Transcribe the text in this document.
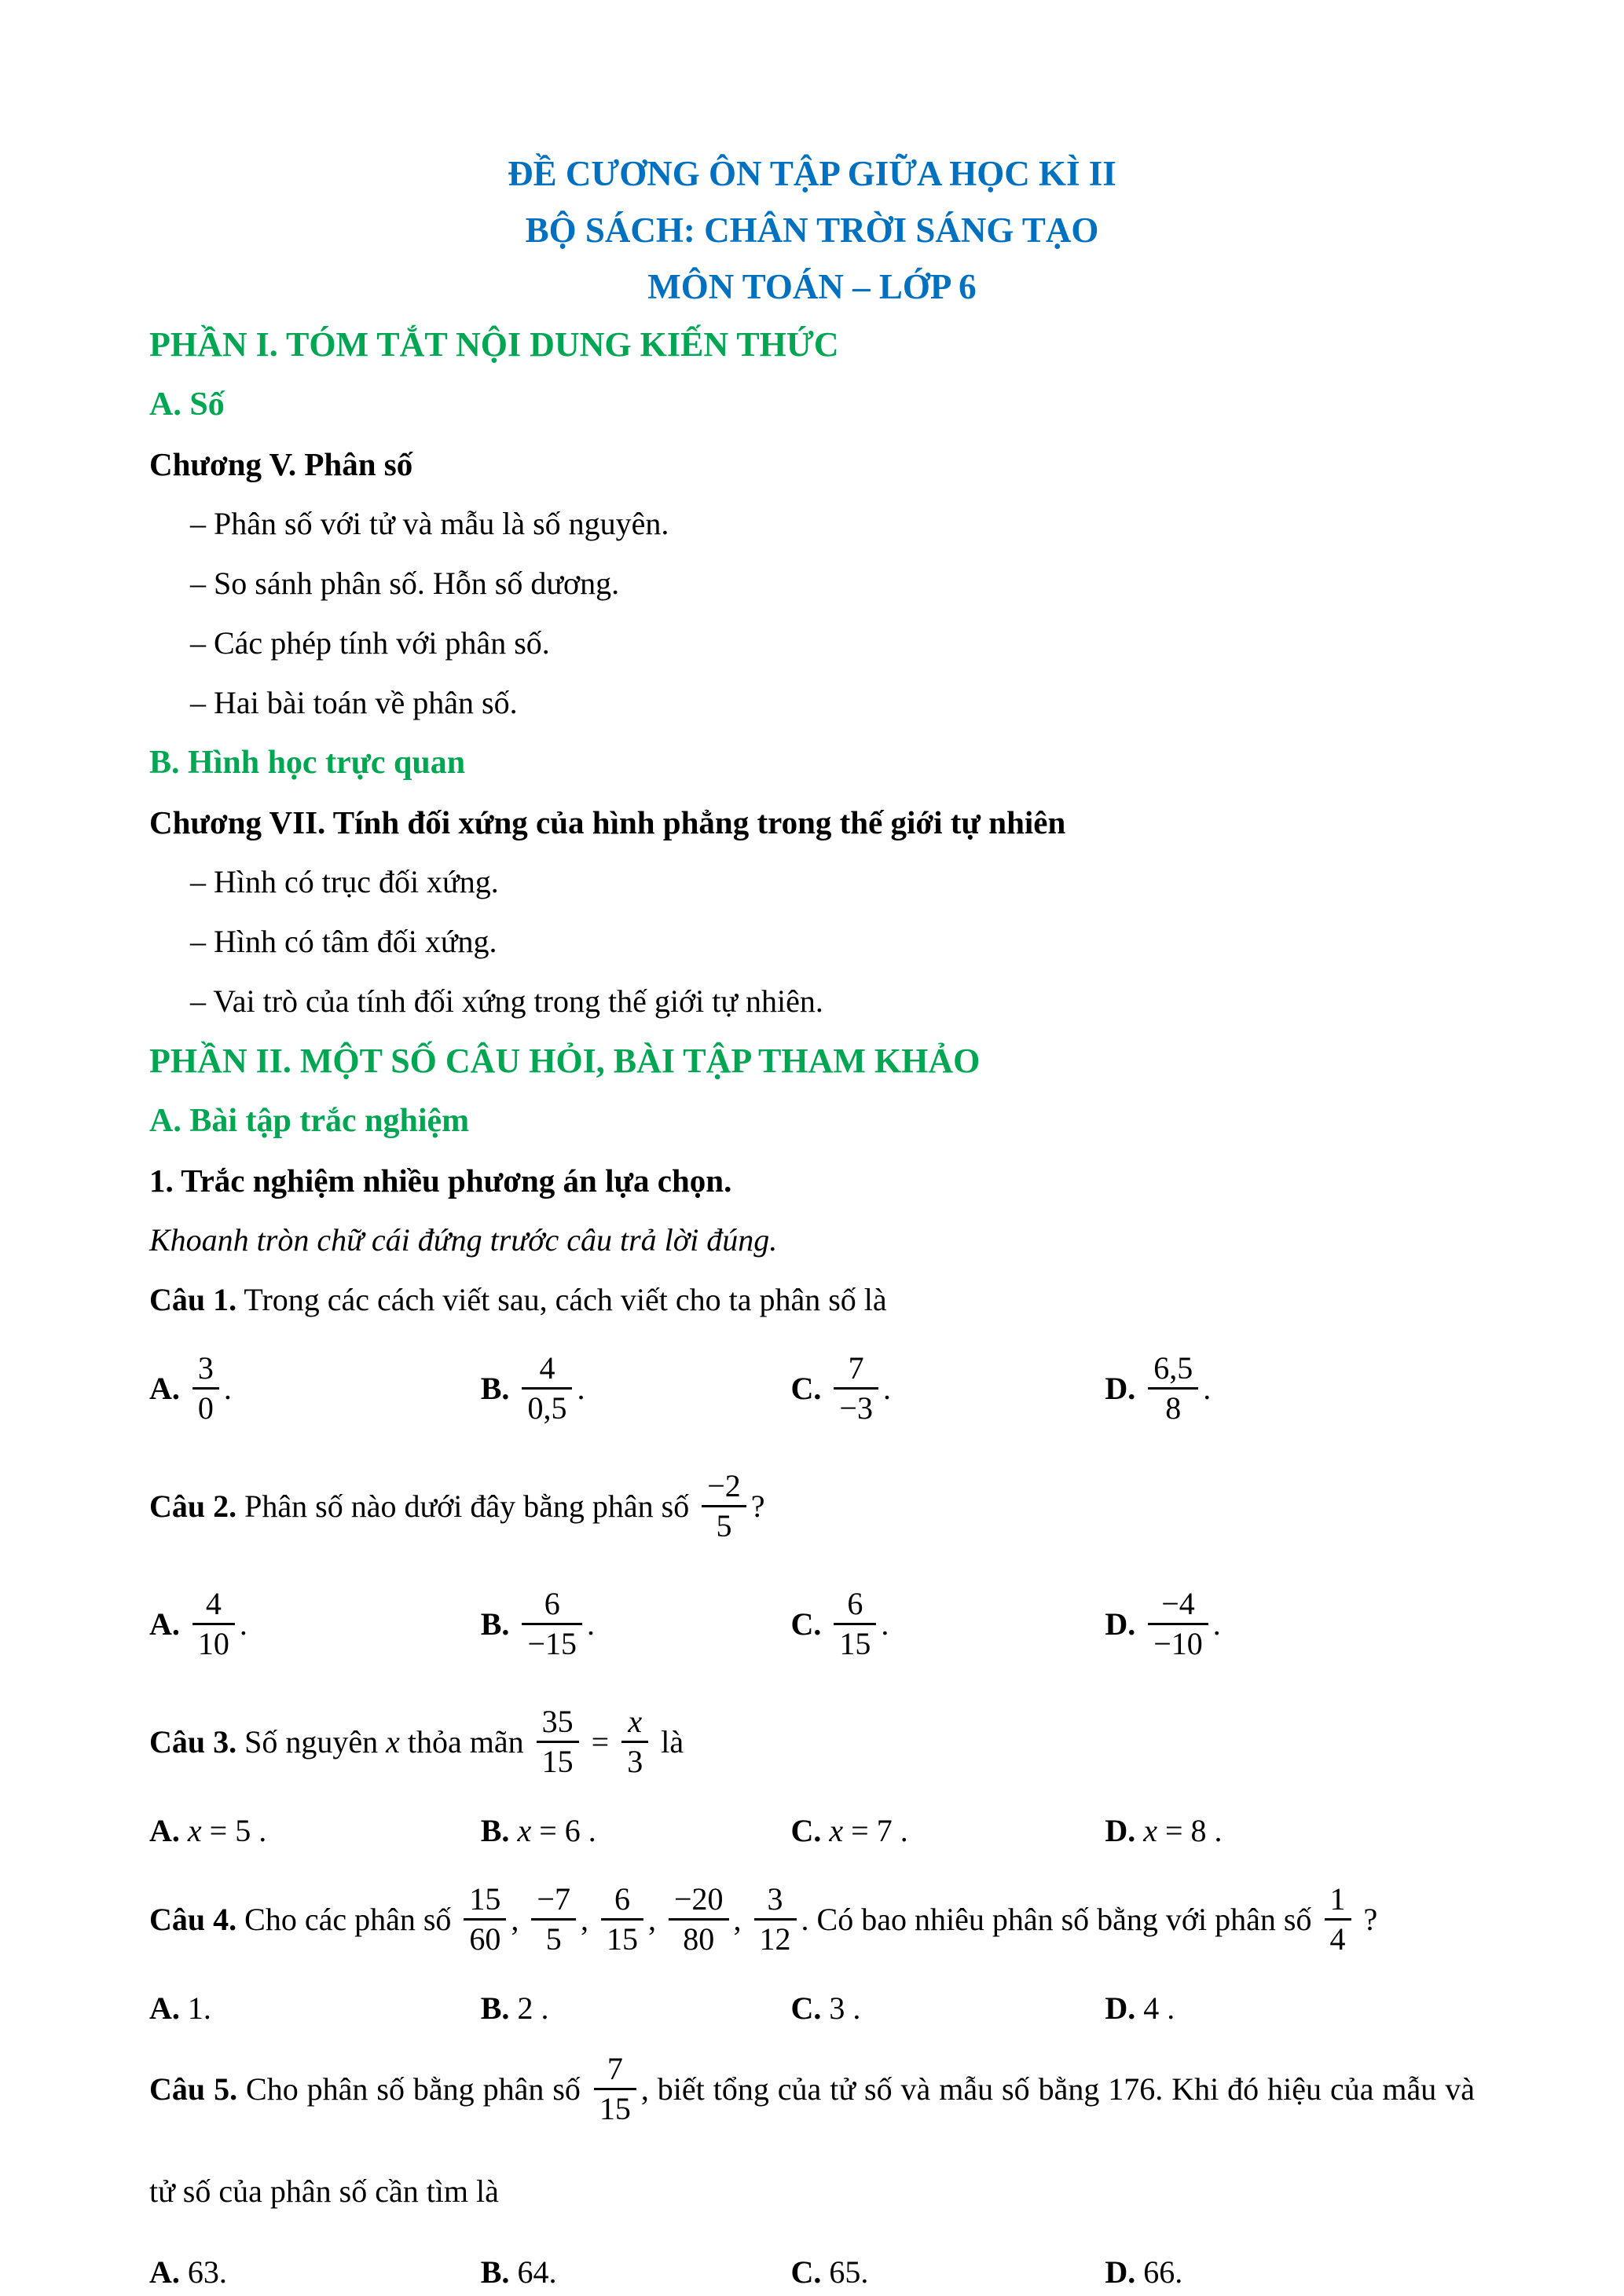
ĐỀ CƯƠNG ÔN TẬP GIỮA HỌC KÌ II
BỘ SÁCH: CHÂN TRỜI SÁNG TẠO
MÔN TOÁN – LỚP 6
PHẦN I. TÓM TẮT NỘI DUNG KIẾN THỨC
A. Số
Chương V. Phân số
– Phân số với tử và mẫu là số nguyên.
– So sánh phân số. Hỗn số dương.
– Các phép tính với phân số.
– Hai bài toán về phân số.
B. Hình học trực quan
Chương VII. Tính đối xứng của hình phẳng trong thế giới tự nhiên
– Hình có trục đối xứng.
– Hình có tâm đối xứng.
– Vai trò của tính đối xứng trong thế giới tự nhiên.
PHẦN II. MỘT SỐ CÂU HỎI, BÀI TẬP THAM KHẢO
A. Bài tập trắc nghiệm
1. Trắc nghiệm nhiều phương án lựa chọn.
Khoanh tròn chữ cái đứng trước câu trả lời đúng.

Câu 1. Trong các cách viết sau, cách viết cho ta phân số là

A. $\frac{3}{0}$ .	B. $\frac{4}{0,5}$ .	C. $\frac{7}{-3}$ .	D. $\frac{6,5}{8}$ .

Câu 2. Phân số nào dưới đây bằng phân số $\frac{-2}{5}$ ?

A. $\frac{4}{10}$ .	B. $\frac{6}{-15}$ .	C. $\frac{6}{15}$ .	D. $\frac{-4}{-10}$ .

Câu 3. Số nguyên x thỏa mãn $\frac{35}{15} = \frac{x}{3}$ là

A. x = 5 .	B. x = 6 .	C. x = 7 .	D. x = 8 .

Câu 4. Cho các phân số $\frac{15}{60}$ , $\frac{-7}{5}$ , $\frac{6}{15}$ , $\frac{-20}{80}$ , $\frac{3}{12}$ . Có bao nhiêu phân số bằng với phân số $\frac{1}{4}$ ?

A. 1.	B. 2 .	C. 3 .	D. 4 .

Câu 5. Cho phân số bằng phân số $\frac{7}{15}$ , biết tổng của tử số và mẫu số bằng 176. Khi đó hiệu của mẫu và tử số của phân số cần tìm là

A. 63.	B. 64.	C. 65.	D. 66.
